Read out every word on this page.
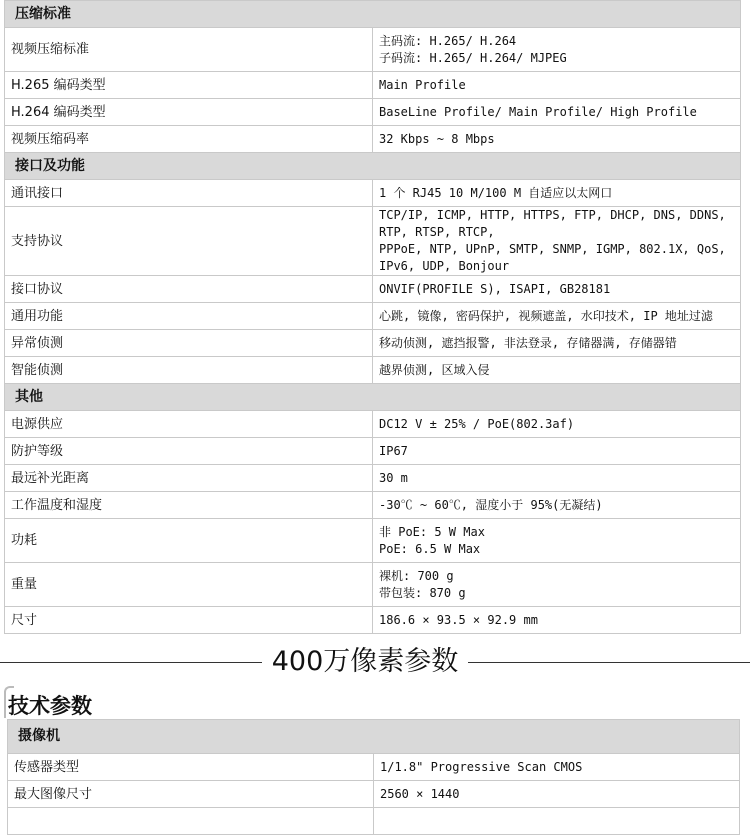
压缩标准	
视频压缩标准	主码流: H.265/ H.264
子码流: H.265/ H.264/ MJPEG
H.265 编码类型	Main Profile
H.264 编码类型	BaseLine Profile/ Main Profile/ High Profile
视频压缩码率	32 Kbps ~ 8 Mbps
接口及功能	
通讯接口	1 个 RJ45 10 M/100 M 自适应以太网口
支持协议	TCP/IP, ICMP, HTTP, HTTPS, FTP, DHCP, DNS, DDNS, RTP, RTSP, RTCP,
PPPoE, NTP, UPnP, SMTP, SNMP, IGMP, 802.1X, QoS, IPv6, UDP, Bonjour
接口协议	ONVIF(PROFILE S), ISAPI, GB28181
通用功能	心跳, 镜像, 密码保护, 视频遮盖, 水印技术, IP 地址过滤
异常侦测	移动侦测, 遮挡报警, 非法登录, 存储器满, 存储器错
智能侦测	越界侦测, 区域入侵
其他	
电源供应	DC12 V ± 25% / PoE(802.3af)
防护等级	IP67
最远补光距离	30 m
工作温度和湿度	-30℃ ~ 60℃, 湿度小于 95%(无凝结)
功耗	非 PoE: 5 W Max
PoE: 6.5 W Max
重量	裸机: 700 g
带包装: 870 g
尺寸	186.6 × 93.5 × 92.9 mm
400万像素参数
技术参数
摄像机	
传感器类型	1/1.8" Progressive Scan CMOS
最大图像尺寸	2560 × 1440
